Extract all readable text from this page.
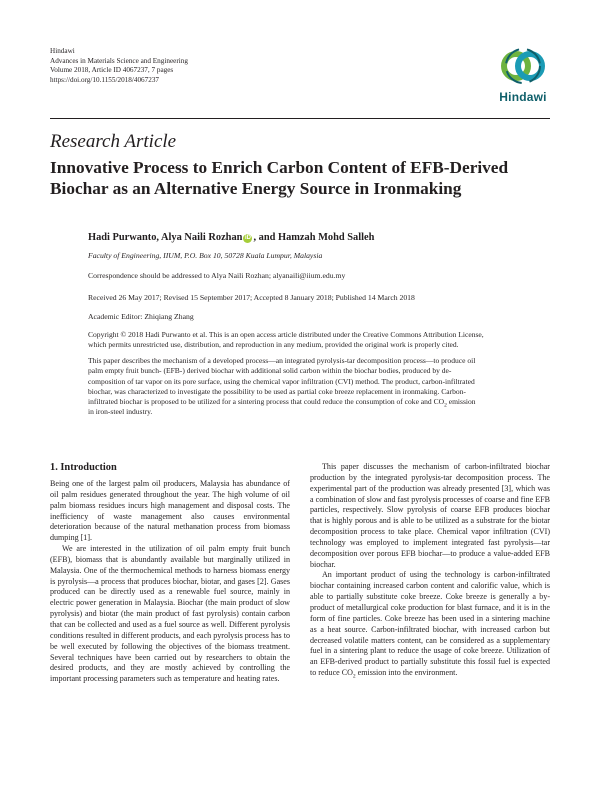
Hindawi
Advances in Materials Science and Engineering
Volume 2018, Article ID 4067237, 7 pages
https://doi.org/10.1155/2018/4067237
Hindawi
Research Article
Innovative Process to Enrich Carbon Content of EFB-Derived
Biochar as an Alternative Energy Source in Ironmaking
Hadi Purwanto, Alya Naili Rozhan iD , and Hamzah Mohd Salleh
Faculty of Engineering, IIUM, P.O. Box 10, 50728 Kuala Lumpur, Malaysia
Correspondence should be addressed to Alya Naili Rozhan; alyanaili@iium.edu.my
Received 26 May 2017; Revised 15 September 2017; Accepted 8 January 2018; Published 14 March 2018
Academic Editor: Zhiqiang Zhang
Copyright © 2018 Hadi Purwanto et al. This is an open access article distributed under the Creative Commons Attribution License,
which permits unrestricted use, distribution, and reproduction in any medium, provided the original work is properly cited.
This paper describes the mechanism of a developed process—an integrated pyrolysis-tar decomposition process—to produce oil
palm empty fruit bunch- (EFB-) derived biochar with additional solid carbon within the biochar bodies, produced by de-
composition of tar vapor on its pore surface, using the chemical vapor infiltration (CVI) method. The product, carbon-infiltrated
biochar, was characterized to investigate the possibility to be used as partial coke breeze replacement in ironmaking. Carbon-
infiltrated biochar is proposed to be utilized for a sintering process that could reduce the consumption of coke and $CO_2$ emission
in iron-steel industry.
1. Introduction

Being one of the largest palm oil producers, Malaysia has abundance of oil palm residues generated throughout the year. The high volume of oil palm biomass residues incurs high management and disposal costs. The inefficiency of waste management also causes environmental deterioration because of the natural methanation process from biomass dumping [1].

We are interested in the utilization of oil palm empty fruit bunch (EFB), biomass that is abundantly available but marginally utilized in Malaysia. One of the thermochemical methods to harness biomass energy is pyrolysis—a process that produces biochar, biotar, and gases [2]. Gases produced can be directly used as a renewable fuel source, mainly in electric power generation in Malaysia. Biochar (the main product of slow pyrolysis) and biotar (the main product of fast pyrolysis) contain carbon that can be collected and used as a fuel source as well. Different pyrolysis conditions resulted in different products, and each pyrolysis process has to be well executed by following the objectives of the biomass treatment. Several techniques have been carried out by researchers to obtain the desired products, and they are mostly achieved by controlling the important processing parameters such as temperature and heating rates.

This paper discusses the mechanism of carbon-infiltrated biochar production by the integrated pyrolysis-tar decomposition process. The experimental part of the production was already presented [3], which was a combination of slow and fast pyrolysis processes of coarse and fine EFB particles, respectively. Slow pyrolysis of coarse EFB produces biochar that is highly porous and is able to be utilized as a substrate for the biotar decomposition process to take place. Chemical vapor infiltration (CVI) technology was employed to implement integrated fast pyrolysis—tar decomposition over porous EFB biochar—to produce a value-added EFB biochar.

An important product of using the technology is carbon-infiltrated biochar containing increased carbon content and calorific value, which is able to partially substitute coke breeze. Coke breeze is generally a by-product of metallurgical coke production for blast furnace, and it is in the form of fine particles. Coke breeze has been used in a sintering machine as a heat source. Carbon-infiltrated biochar, with increased carbon but decreased volatile matters content, can be considered as a supplementary fuel in a sintering plant to reduce the usage of coke breeze. Utilization of an EFB-derived product to partially substitute this fossil fuel is expected to reduce $CO_2$ emission into the environment.
